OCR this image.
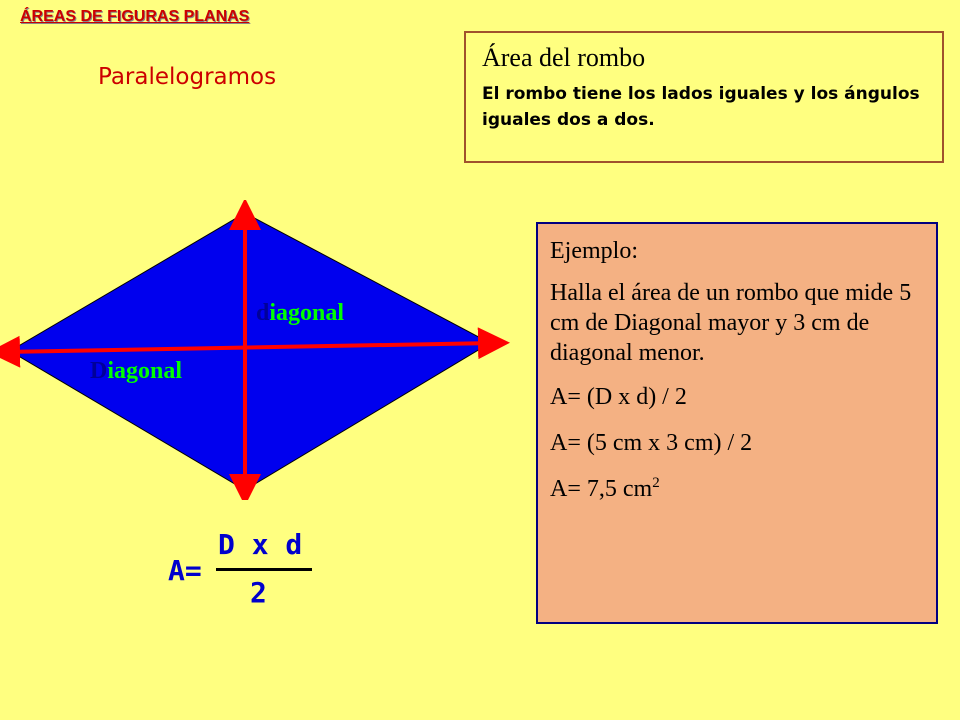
ÁREAS DE FIGURAS PLANAS

Paralelogramos

Área del rombo

El rombo tiene los lados iguales y los ángulos iguales dos a dos.

diagonal
Diagonal
A=
D x d
2

Ejemplo:

Halla el área de un rombo que mide 5 cm de Diagonal mayor y 3 cm de diagonal menor.

A= (D x d) / 2

A= (5 cm x 3 cm) / 2

A= 7,5 $cm^2$
